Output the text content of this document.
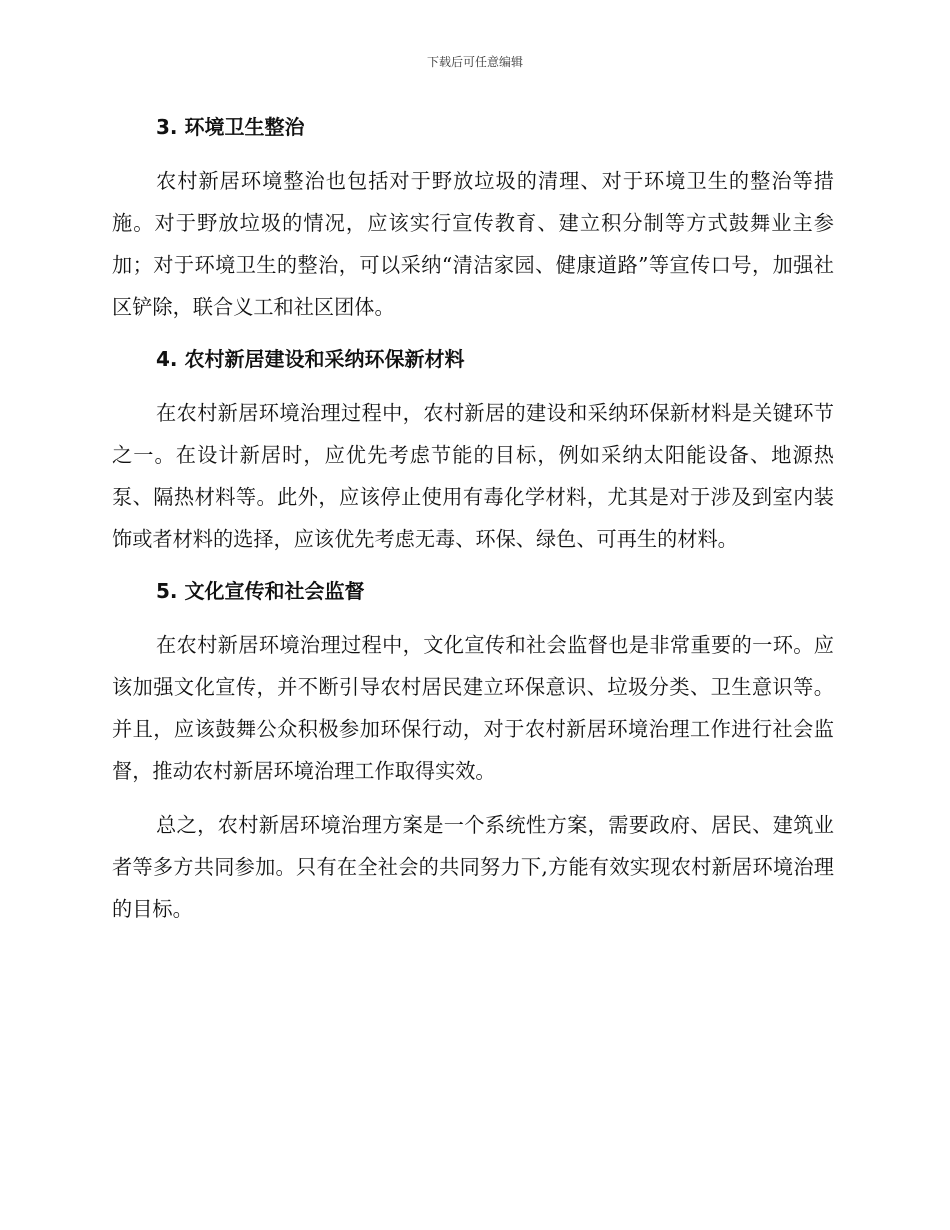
下载后可任意编辑
3. 环境卫生整治

农村新居环境整治也包括对于野放垃圾的清理、对于环境卫生的整治等措施。对于野放垃圾的情况，应该实行宣传教育、建立积分制等方式鼓舞业主参加；对于环境卫生的整治，可以采纳“清洁家园、健康道路”等宣传口号，加强社区铲除，联合义工和社区团体。

4. 农村新居建设和采纳环保新材料

在农村新居环境治理过程中，农村新居的建设和采纳环保新材料是关键环节之一。在设计新居时，应优先考虑节能的目标，例如采纳太阳能设备、地源热泵、隔热材料等。此外，应该停止使用有毒化学材料，尤其是对于涉及到室内装饰或者材料的选择，应该优先考虑无毒、环保、绿色、可再生的材料。

5. 文化宣传和社会监督

在农村新居环境治理过程中，文化宣传和社会监督也是非常重要的一环。应该加强文化宣传，并不断引导农村居民建立环保意识、垃圾分类、卫生意识等。并且，应该鼓舞公众积极参加环保行动，对于农村新居环境治理工作进行社会监督，推动农村新居环境治理工作取得实效。

总之，农村新居环境治理方案是一个系统性方案，需要政府、居民、建筑业者等多方共同参加。只有在全社会的共同努力下,方能有效实现农村新居环境治理的目标。
